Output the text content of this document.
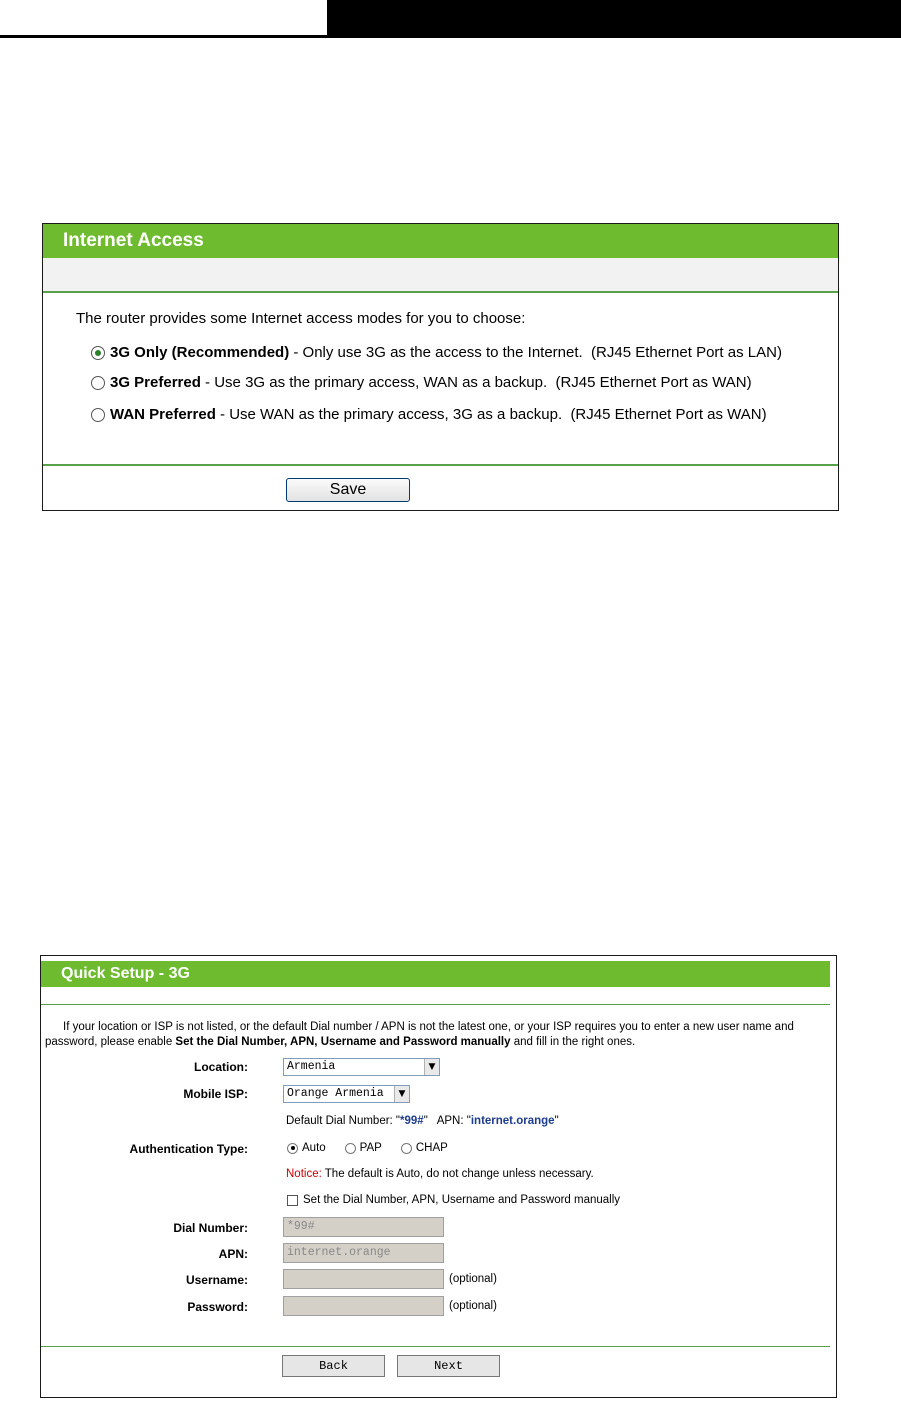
Internet Access
The router provides some Internet access modes for you to choose:
3G Only (Recommended) - Only use 3G as the access to the Internet.  (RJ45 Ethernet Port as LAN)
3G Preferred - Use 3G as the primary access, WAN as a backup.  (RJ45 Ethernet Port as WAN)
WAN Preferred - Use WAN as the primary access, 3G as a backup.  (RJ45 Ethernet Port as WAN)
Save
Quick Setup - 3G
If your location or ISP is not listed, or the default Dial number / APN is not the latest one, or your ISP requires you to enter a new user name and password, please enable Set the Dial Number, APN, Username and Password manually and fill in the right ones.
Location:	Armenia	▼
Mobile ISP:	Orange Armenia	▼
Default Dial Number: "*99#"   APN: "internet.orange"
Authentication Type:	Auto	PAP	CHAP
Notice: The default is Auto, do not change unless necessary.
Set the Dial Number, APN, Username and Password manually
Dial Number:	*99#
APN:	internet.orange
Username:	(optional)
Password:	(optional)
Back	Next
